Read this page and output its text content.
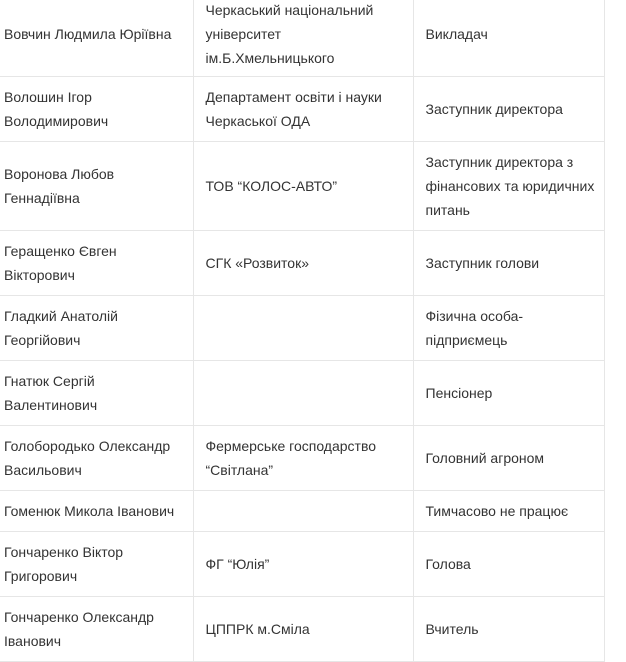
Вовчин Людмила Юріївна	Черкаський національний університет ім.Б.Хмельницького	Викладач
Волошин Ігор Володимирович	Департамент освіти і науки Черкаської ОДА	Заступник директора
Воронова Любов Геннадіївна	ТОВ “КОЛОС-АВТО”	Заступник директора з фінансових та юридичних питань
Геращенко Євген Вікторович	СГК «Розвиток»	Заступник голови
Гладкий Анатолій Георгійович		Фізична особа-підприємець
Гнатюк Сергій Валентинович		Пенсіонер
Голобородько Олександр Васильович	Фермерське господарство “Світлана”	Головний агроном
Гоменюк Микола Іванович		Тимчасово не працює
Гончаренко Віктор Григорович	ФГ “Юлія”	Голова
Гончаренко Олександр Іванович	ЦППРК м.Сміла	Вчитель
